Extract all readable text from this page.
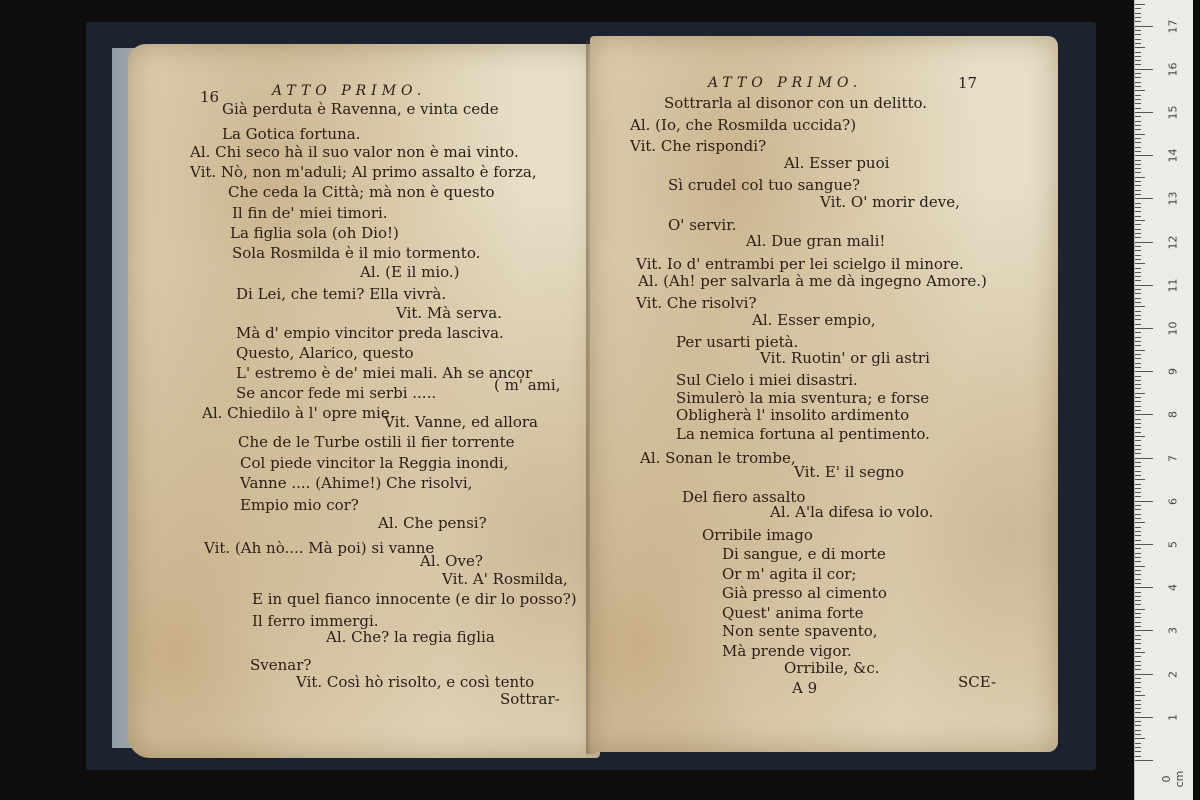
16	ATTO PRIMO.
Già perduta è Ravenna, e vinta cede
La Gotica fortuna.
Al. Chi seco hà il suo valor non è mai vinto.
Vit. Nò, non m'aduli; Al primo assalto è forza,
Che ceda la Città; mà non è questo
Il fin de' miei timori.
La figlia sola (oh Dio!)
Sola Rosmilda è il mio tormento.
Al. (E il mio.)
Di Lei, che temi? Ella vivrà.
Vit. Mà serva.
Mà d' empio vincitor preda lasciva.
Questo, Alarico, questo
L' estremo è de' miei mali. Ah se ancor
Se ancor fede mi serbi .....	( m' ami,
Al. Chiedilo à l' opre mie.
Vit. Vanne, ed allora
Che de le Turbe ostili il fier torrente
Col piede vincitor la Reggia inondi,
Vanne .... (Ahime!) Che risolvi,
Empio mio cor?
Al. Che pensi?
Vit. (Ah nò.... Mà poi) si vanne
Al. Ove?
Vit. A' Rosmilda,
E in quel fianco innocente (e dir lo posso?)
Il ferro immergi.
Al. Che? la regia figlia
Svenar?
Vit. Così hò risolto, e così tento
Sottrar-
ATTO PRIMO.	17
Sottrarla al disonor con un delitto.
Al. (Io, che Rosmilda uccida?)
Vit. Che rispondi?
Al. Esser puoi
Sì crudel col tuo sangue?
Vit. O' morir deve,
O' servir.
Al. Due gran mali!
Vit. Io d' entrambi per lei scielgo il minore.
Al. (Ah! per salvarla à me dà ingegno Amore.)
Vit. Che risolvi?
Al. Esser empio,
Per usarti pietà.
Vit. Ruotin' or gli astri
Sul Cielo i miei disastri.
Simulerò la mia sventura; e forse
Obligherà l' insolito ardimento
La nemica fortuna al pentimento.
Al. Sonan le trombe,
Vit. E' il segno
Del fiero assalto
Al. A'la difesa io volo.
Orribile imago
Di sangue, e di morte
Or m' agita il cor;
Già presso al cimento
Quest' anima forte
Non sente spavento,
Mà prende vigor.
Orribile, &c.
A 9	SCE-
0 cm
1
2
3
4
5
6
7
8
9
10
11
12
13
14
15
16
17
